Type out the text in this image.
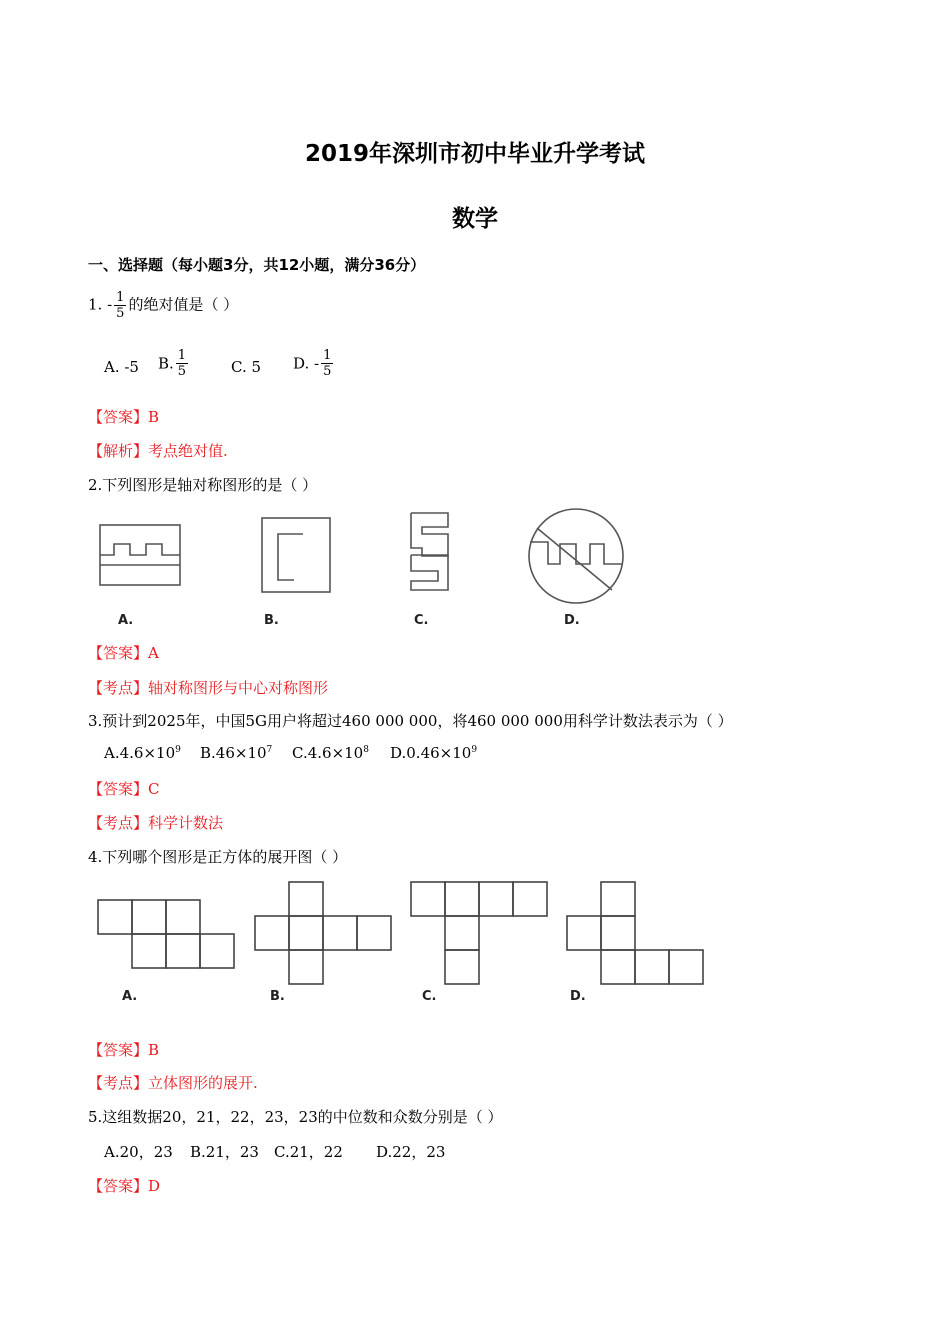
2019年深圳市初中毕业升学考试
数学
一、选择题（每小题3分，共12小题，满分36分）
1. - $\frac{1}{5}$ 的绝对值是（ ）
A. -5 B. $\frac{1}{5}$	C. 5 D. - $\frac{1}{5}$
【答案】B
【解析】考点绝对值.
2.下列图形是轴对称图形的是（ ）
A.	B.	C.	D.
【答案】A
【考点】轴对称图形与中心对称图形
3.预计到2025年，中国5G用户将超过460 000 000，将460 000 000用科学计数法表示为（ ）
$A.4.6\times 10^9$ $B.46\times 10^7$ $C.4.6\times 10^8$ $D.0.46\times 10^9$
【答案】C
【考点】科学计数法
4.下列哪个图形是正方体的展开图（ ）
A.	B.	C.	D.
【答案】B
【考点】立体图形的展开.
5.这组数据20，21，22，23，23的中位数和众数分别是（ ）
A.20，23 B.21，23 C.21，22 D.22，23
【答案】D
